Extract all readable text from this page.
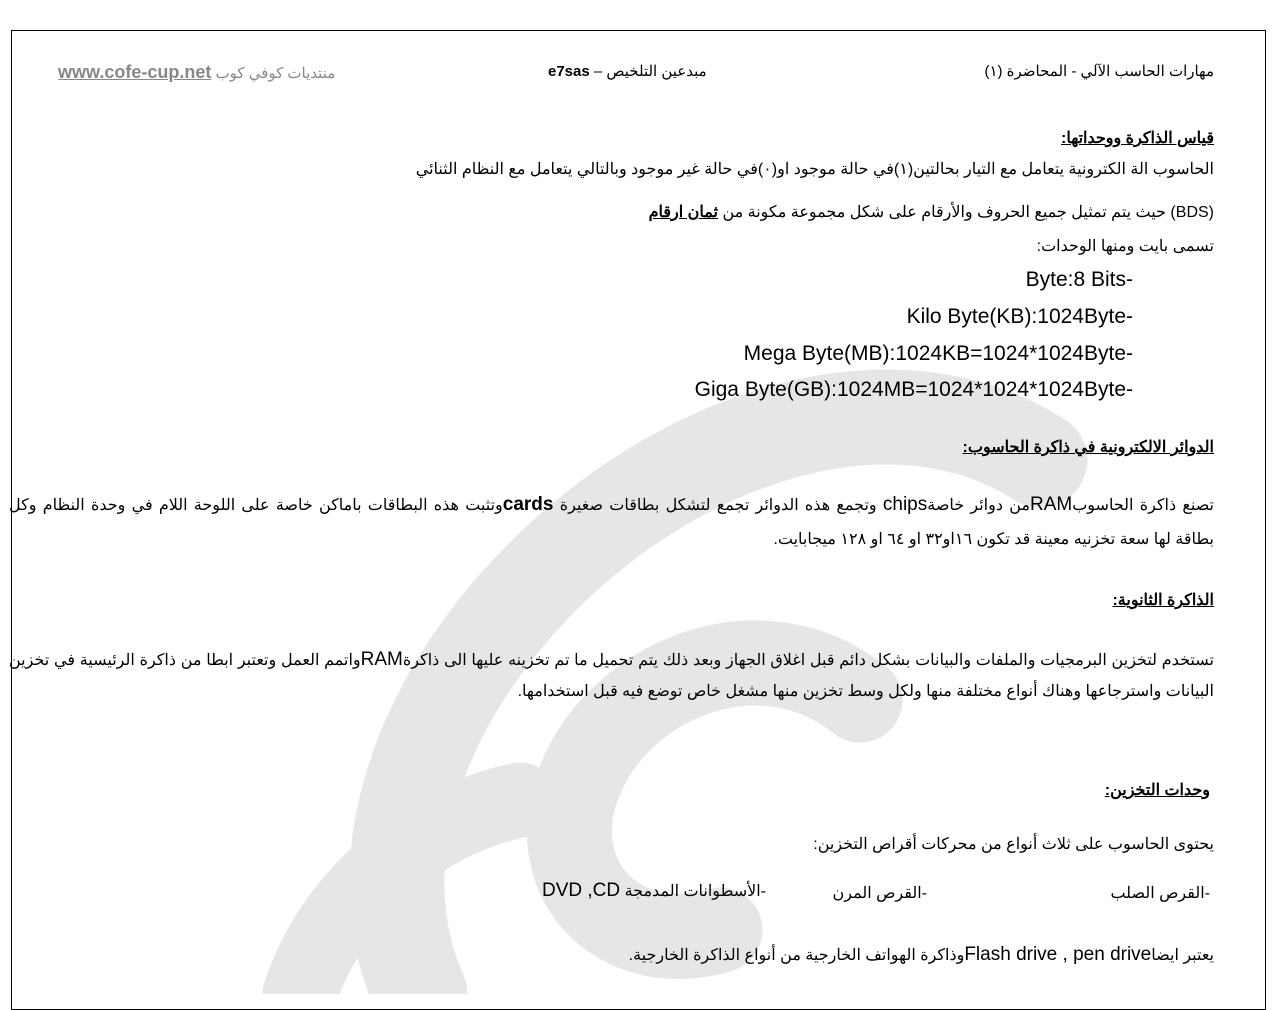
مهارات الحاسب الآلي - المحاضرة (١)
مبدعين التلخيص – e7sas
www.cofe-cup.net منتديات كوفي كوب
قياس الذاكرة ووحداتها:
الحاسوب الة الكترونية يتعامل مع التيار بحالتين(١)في حالة موجود او(٠)في حالة غير موجود وبالتالي يتعامل مع النظام الثنائي
(BDS) حيث يتم تمثيل جميع الحروف والأرقام على شكل مجموعة مكونة من ثمان ارقام
تسمى بايت ومنها الوحدات:
Byte:8 Bits-
Kilo Byte(KB):1024Byte-
Mega Byte(MB):1024KB=1024*1024Byte-
Giga Byte(GB):1024MB=1024*1024*1024Byte-
الدوائر الالكترونية في ذاكرة الحاسوب:
تصنع ذاكرة الحاسوبRAMمن دوائر خاصةchips وتجمع هذه الدوائر تجمع لتشكل بطاقات صغيرة cardsوتثبت هذه البطاقات باماكن خاصة على اللوحة اللام في وحدة النظام وكل بطاقة لها سعة تخزنيه معينة قد تكون ١٦او٣٢ او ٦٤ او ١٢٨ ميجابايت.
الذاكرة الثانوية:
تستخدم لتخزين البرمجيات والملفات والبيانات بشكل دائم قبل اغلاق الجهاز وبعد ذلك يتم تحميل ما تم تخزينه عليها الى ذاكرةRAMواتمم العمل وتعتبر ابطا من ذاكرة الرئيسية في تخزين البيانات واسترجاعها وهناك أنواع مختلفة منها ولكل وسط تخزين منها مشغل خاص توضع فيه قبل استخدامها.
وحدات التخزين:
يحتوى الحاسوب على ثلاث أنواع من محركات أقراص التخزين:
-القرص الصلب
-القرص المرن
-الأسطوانات المدمجة DVD ,CD
يعتبر ايضاFlash drive , pen driveوذاكرة الهواتف الخارجية من أنواع الذاكرة الخارجية.
